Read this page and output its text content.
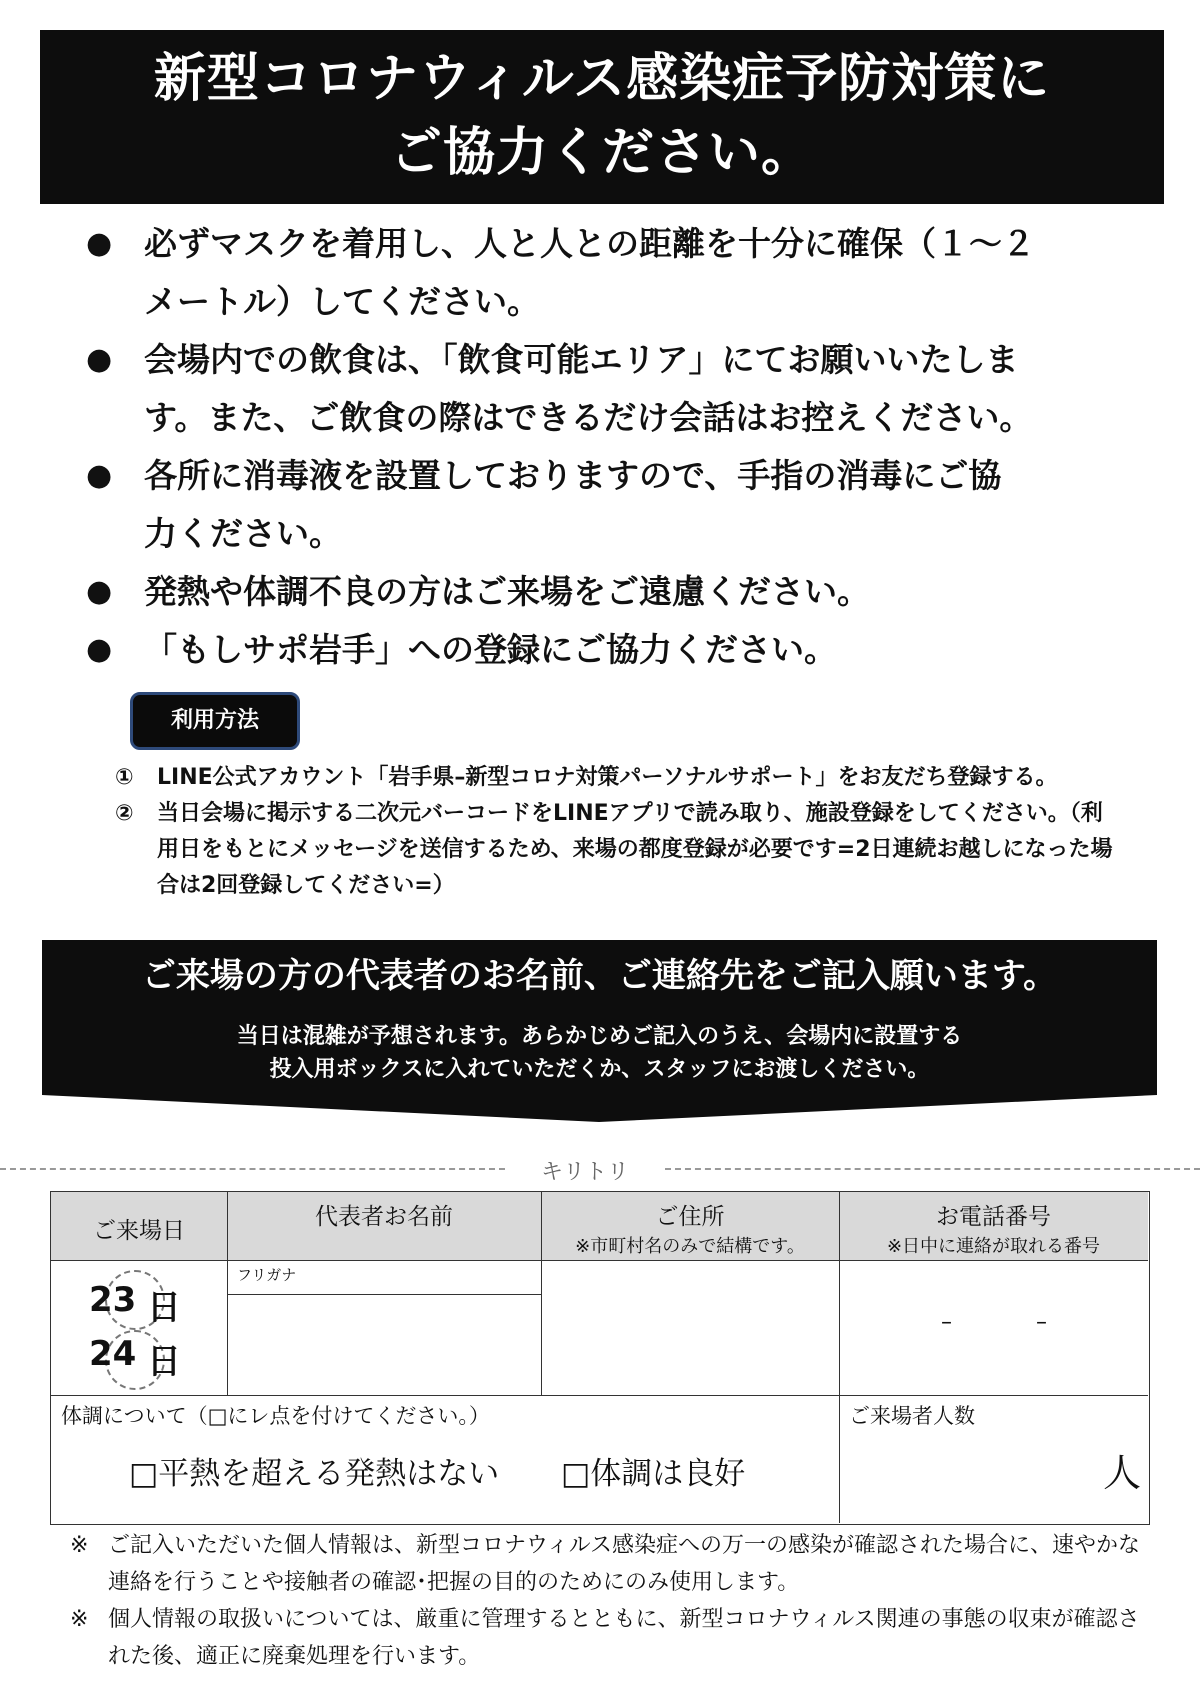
新型コロナウィルス感染症予防対策に
ご協力ください。
● 必ずマスクを着用し、人と人との距離を十分に確保（１～２
メートル）してください。
● 会場内での飲食は、「飲食可能エリア」にてお願いいたしま
す。また、ご飲食の際はできるだけ会話はお控えください。
● 各所に消毒液を設置しておりますので、手指の消毒にご協
力ください。
● 発熱や体調不良の方はご来場をご遠慮ください。
● 「もしサポ岩手」への登録にご協力ください。
利用方法
① LINE公式アカウント「岩手県–新型コロナ対策パーソナルサポート」をお友だち登録する。
② 当日会場に掲示する二次元バーコードをLINEアプリで読み取り、施設登録をしてください。（利用日をもとにメッセージを送信するため、来場の都度登録が必要です=2日連続お越しになった場合は2回登録してください=）
ご来場の方の代表者のお名前、ご連絡先をご記入願います。
当日は混雑が予想されます。あらかじめご記入のうえ、会場内に設置する
投入用ボックスに入れていただくか、スタッフにお渡しください。
キリトリ
ご来場日
代表者お名前	ご住所
※市町村名のみで結構です。
お電話番号
※日中に連絡が取れる番号
23 日
24 日
フリガナ
–	–
体調について（□にレ点を付けてください。）
□平熱を超える発熱はない □体調は良好
ご来場者人数
人
※ ご記入いただいた個人情報は、新型コロナウィルス感染症への万一の感染が確認された場合に、速やかな連絡を行うことや接触者の確認･把握の目的のためにのみ使用します。
※ 個人情報の取扱いについては、厳重に管理するとともに、新型コロナウィルス関連の事態の収束が確認された後、適正に廃棄処理を行います。
